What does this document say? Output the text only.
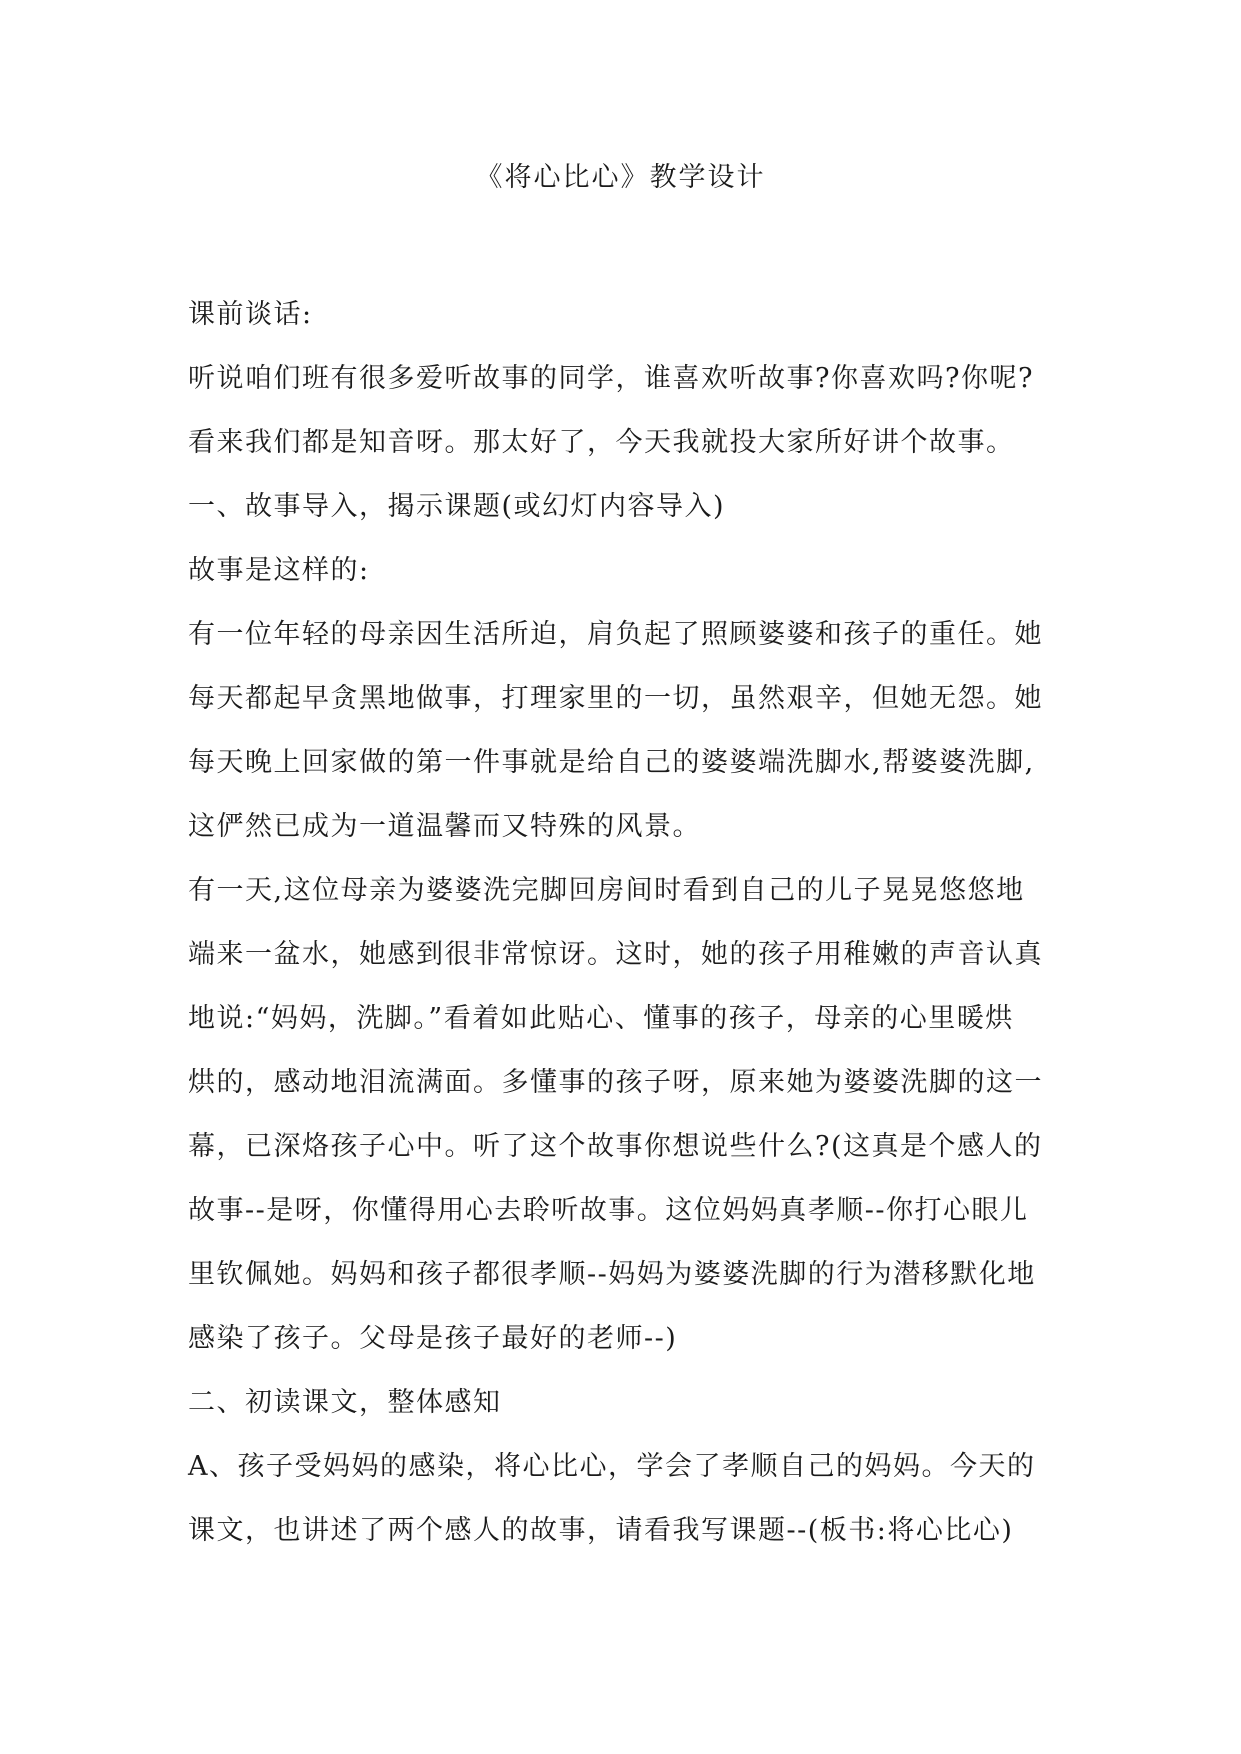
《将心比心》教学设计
课前谈话:
听说咱们班有很多爱听故事的同学，谁喜欢听故事?你喜欢吗?你呢?
看来我们都是知音呀。那太好了，今天我就投大家所好讲个故事。
一、故事导入，揭示课题(或幻灯内容导入)
故事是这样的:
有一位年轻的母亲因生活所迫，肩负起了照顾婆婆和孩子的重任。她
每天都起早贪黑地做事，打理家里的一切，虽然艰辛，但她无怨。她
每天晚上回家做的第一件事就是给自己的婆婆端洗脚水,帮婆婆洗脚,
这俨然已成为一道温馨而又特殊的风景。
有一天,这位母亲为婆婆洗完脚回房间时看到自己的儿子晃晃悠悠地
端来一盆水，她感到很非常惊讶。这时，她的孩子用稚嫩的声音认真
地说:“妈妈，洗脚。”看着如此贴心、懂事的孩子，母亲的心里暖烘
烘的，感动地泪流满面。多懂事的孩子呀，原来她为婆婆洗脚的这一
幕，已深烙孩子心中。听了这个故事你想说些什么?(这真是个感人的
故事--是呀，你懂得用心去聆听故事。这位妈妈真孝顺--你打心眼儿
里钦佩她。妈妈和孩子都很孝顺--妈妈为婆婆洗脚的行为潜移默化地
感染了孩子。父母是孩子最好的老师--)
二、初读课文，整体感知
A、孩子受妈妈的感染，将心比心，学会了孝顺自己的妈妈。今天的
课文，也讲述了两个感人的故事，请看我写课题--(板书:将心比心)
